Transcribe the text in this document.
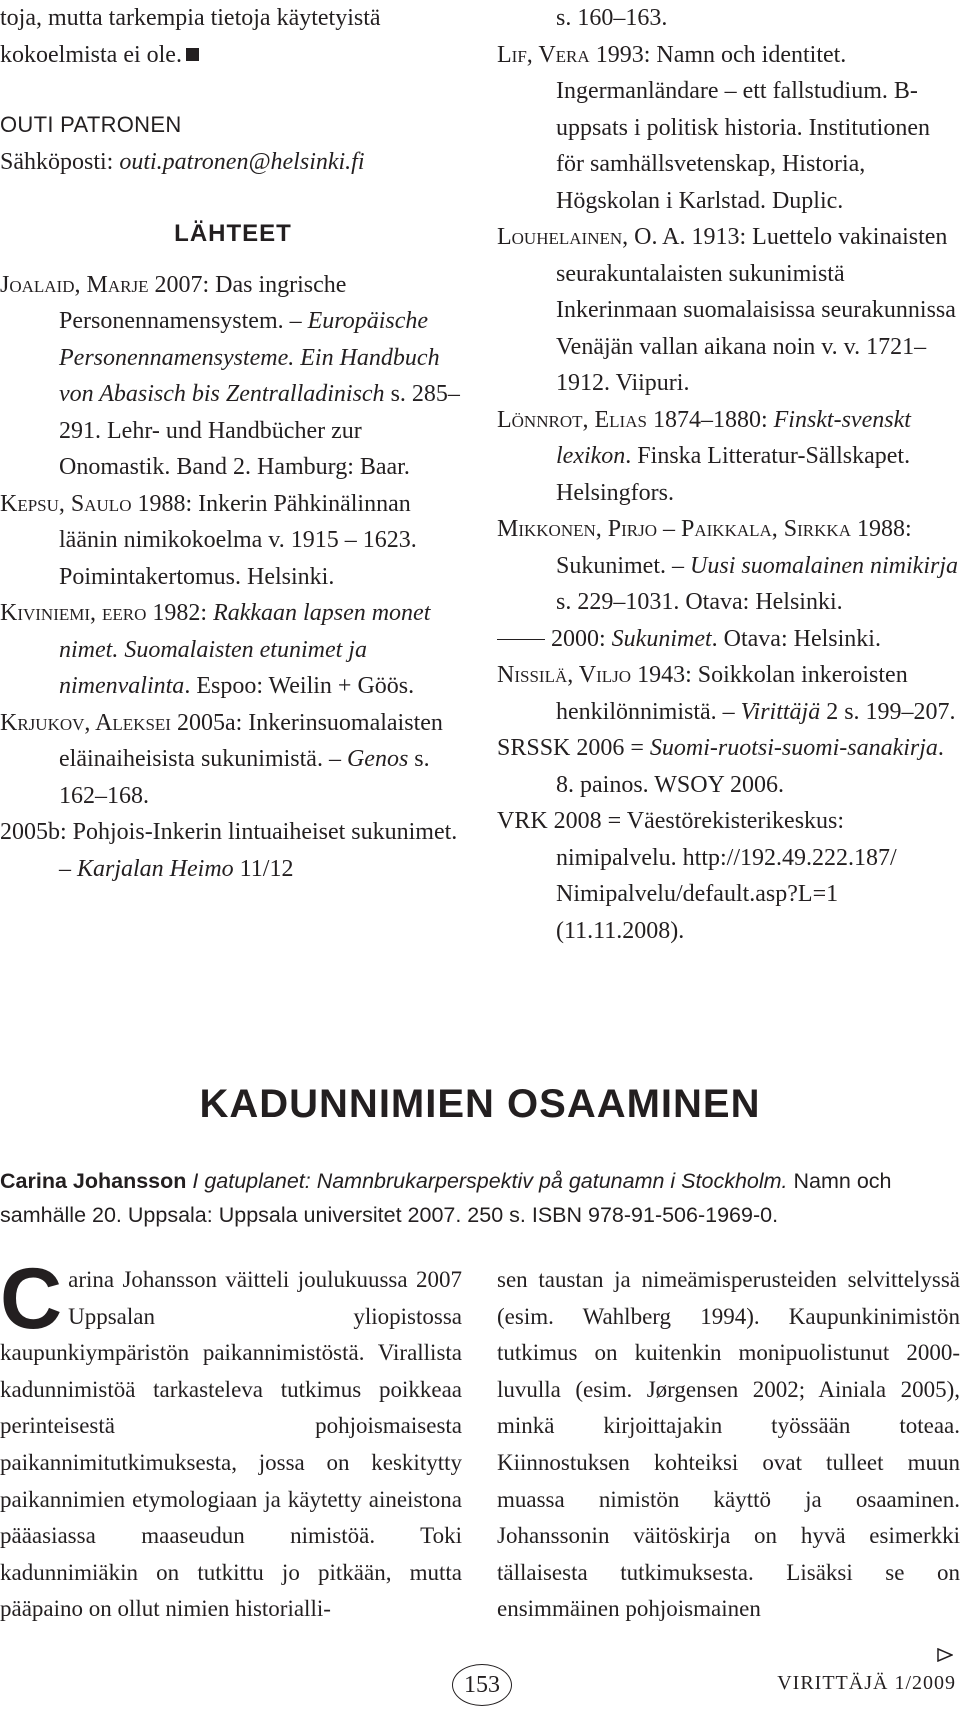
toja, mutta tarkempia tietoja käytetyistä kokoelmista ei ole.

OUTI PATRONEN

Sähköposti: outi.patronen@helsinki.fi

LÄHTEET

Joalaid, Marje 2007: Das ingrische Personennamensystem. – Europäische Personennamensysteme. Ein Handbuch von Abasisch bis Zentralladinisch s. 285–291. Lehr- und Handbücher zur Onomastik. Band 2. Hamburg: Baar.

Kepsu, Saulo 1988: Inkerin Pähkinälinnan läänin nimikokoelma v. 1915 – 1623. Poimintakertomus. Helsinki.

Kiviniemi, eero 1982: Rakkaan lapsen monet nimet. Suomalaisten etunimet ja nimenvalinta. Espoo: Weilin + Göös.

Krjukov, Aleksei 2005a: Inkerinsuomalaisten eläinaiheisista sukunimistä. – Genos s. 162–168.

2005b: Pohjois-Inkerin lintuaiheiset sukunimet. – Karjalan Heimo 11/12

s. 160–163.

Lif, Vera 1993: Namn och identitet. Ingermanländare – ett fallstudium. B-uppsats i politisk historia. Institutionen för samhällsvetenskap, Historia, Högskolan i Karlstad. Duplic.

Louhelainen, O. A. 1913: Luettelo vakinaisten seurakuntalaisten sukunimistä Inkerinmaan suomalaisissa seurakunnissa Venäjän vallan aikana noin v. v. 1721–1912. Viipuri.

Lönnrot, Elias 1874–1880: Finskt-svenskt lexikon. Finska Litteratur-Sällskapet. Helsingfors.

Mikkonen, Pirjo – Paikkala, Sirkka 1988: Sukunimet. – Uusi suomalainen nimikirja s. 229–1031. Otava: Helsinki.

2000: Sukunimet. Otava: Helsinki.

Nissilä, Viljo 1943: Soikkolan inkeroisten henkilönnimistä. – Virittäjä 2 s. 199–207.

SRSSK 2006 = Suomi-ruotsi-suomi-sanakirja. 8. painos. WSOY 2006.

VRK 2008 = Väestörekisterikeskus: nimipalvelu. http://192.49.222.187/ Nimipalvelu/default.asp?L=1 (11.11.2008).

KADUNNIMIEN OSAAMINEN
Carina Johansson I gatuplanet: Namnbrukarperspektiv på gatunamn i Stockholm. Namn och samhälle 20. Uppsala: Uppsala universitet 2007. 250 s. ISBN 978-91-506-1969-0.
Carina Johansson väitteli joulukuussa 2007 Uppsalan yliopistossa kaupunkiympäristön paikannimistöstä. Virallista kadunnimistöä tarkasteleva tutkimus poikkeaa perinteisestä pohjoismaisesta paikannimitutkimuksesta, jossa on keskitytty paikannimien etymologiaan ja käytetty aineistona pääasiassa maaseudun nimistöä. Toki kadunnimiäkin on tutkittu jo pitkään, mutta pääpaino on ollut nimien historialli-
sen taustan ja nimeämisperusteiden selvittelyssä (esim. Wahlberg 1994). Kaupunkinimistön tutkimus on kuitenkin monipuolistunut 2000-luvulla (esim. Jørgensen 2002; Ainiala 2005), minkä kirjoittajakin työssään toteaa. Kiinnostuksen kohteiksi ovat tulleet muun muassa nimistön käyttö ja osaaminen. Johanssonin väitöskirja on hyvä esimerkki tällaisesta tutkimuksesta. Lisäksi se on ensimmäinen pohjoismainen
153	VIRITTÄJÄ 1/2009
